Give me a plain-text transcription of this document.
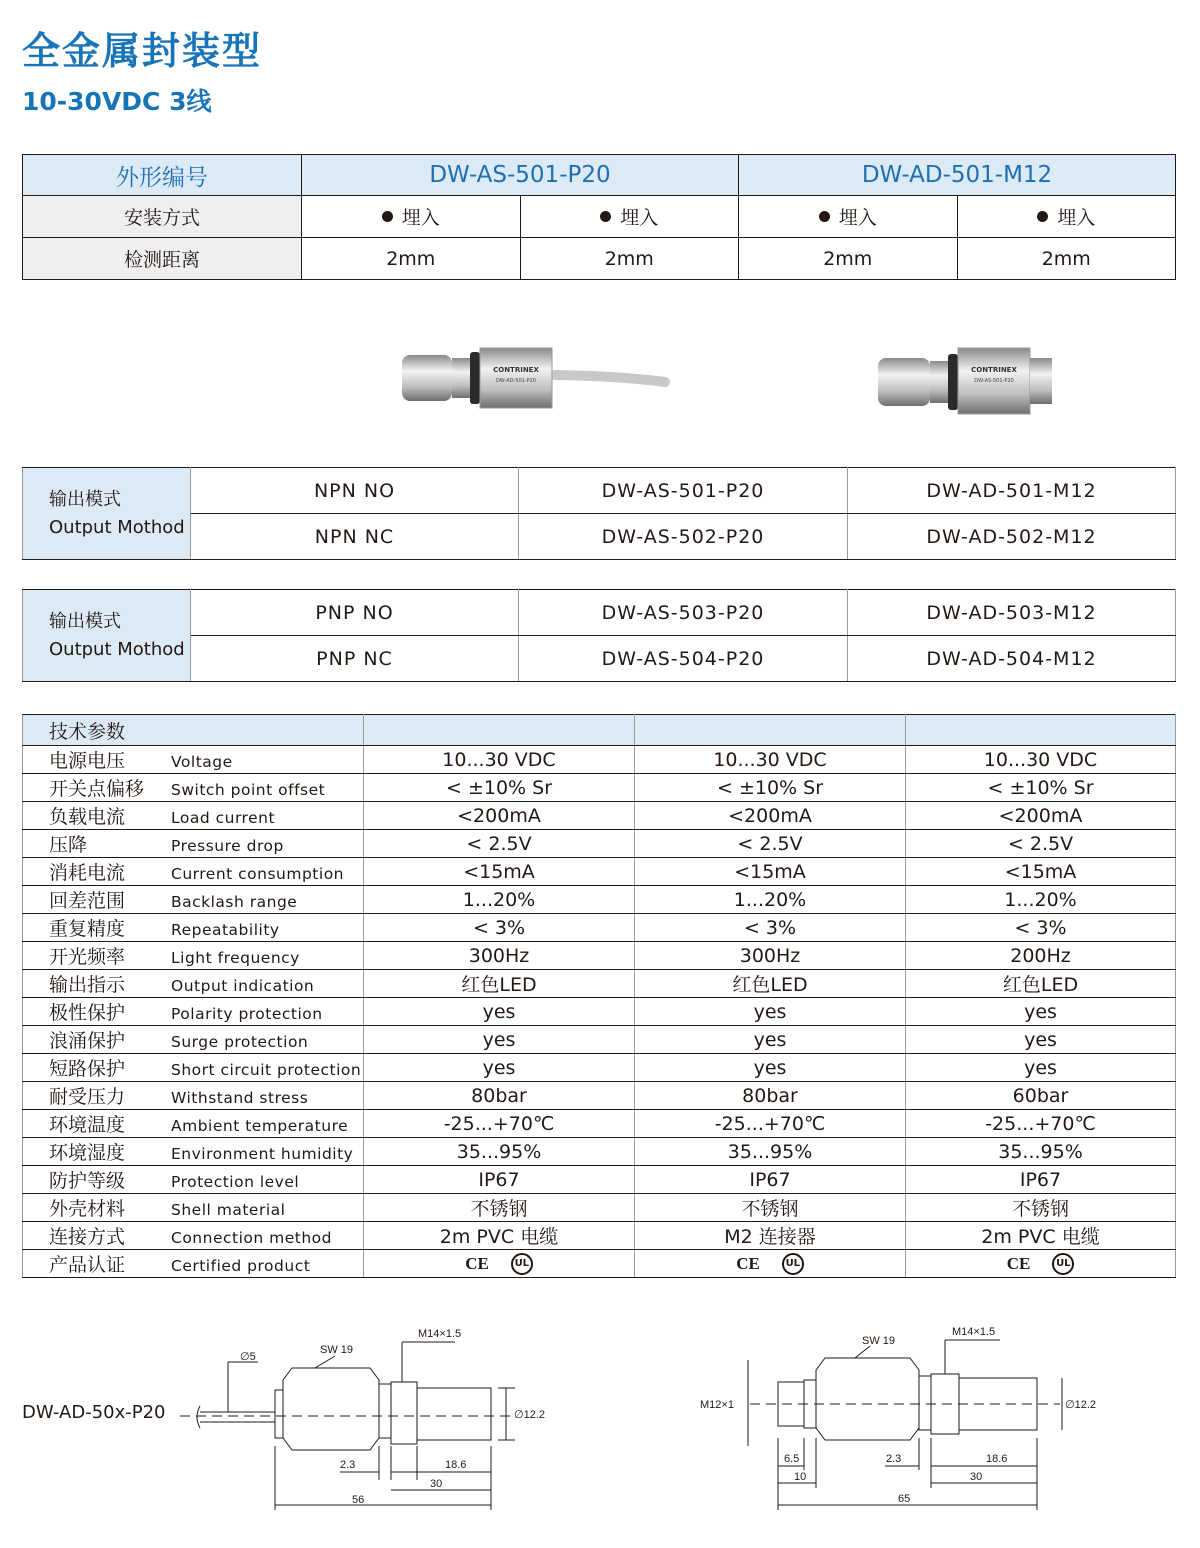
全金属封装型
10-30VDC 3线
外形编号	DW-AS-501-P20		DW-AD-501-M12	
安装方式	埋入	埋入	埋入	埋入
检测距离	2mm	2mm	2mm	2mm
CONTRINEX
DW-AD-501-P20
CONTRINEX
DW-AS-501-P20
输出模式
Output Mothod	NPN NO	DW-AS-501-P20	DW-AD-501-M12
	NPN NC	DW-AS-502-P20	DW-AD-502-M12
输出模式
Output Mothod	PNP NO	DW-AS-503-P20	DW-AD-503-M12
	PNP NC	DW-AS-504-P20	DW-AD-504-M12
技术参数			
电源电压 Voltage	10...30 VDC	10...30 VDC	10...30 VDC
开关点偏移 Switch point offset	< ±10% Sr	< ±10% Sr	< ±10% Sr
负载电流 Load current	<200mA	<200mA	<200mA
压降 Pressure drop	< 2.5V	< 2.5V	< 2.5V
消耗电流 Current consumption	<15mA	<15mA	<15mA
回差范围 Backlash range	1...20%	1...20%	1...20%
重复精度 Repeatability	< 3%	< 3%	< 3%
开光频率 Light frequency	300Hz	300Hz	200Hz
输出指示 Output indication	红色LED	红色LED	红色LED
极性保护 Polarity protection	yes	yes	yes
浪涌保护 Surge protection	yes	yes	yes
短路保护 Short circuit protection	yes	yes	yes
耐受压力 Withstand stress	80bar	80bar	60bar
环境温度 Ambient temperature	-25...+70℃	-25...+70℃	-25...+70℃
环境湿度 Environment humidity	35...95%	35...95%	35...95%
防护等级 Protection level	IP67	IP67	IP67
外壳材料 Shell material	不锈钢	不锈钢	不锈钢
连接方式 Connection method	2m PVC 电缆	M2 连接器	2m PVC 电缆
产品认证 Certified product	CE UL	CE UL	CE UL
DW-AD-50x-P20
∅5
SW 19
M14×1.5
∅12.2
2.3	18.6
30
56
SW 19
M14×1.5
M12×1	∅12.2
6.5
10
2.3	18.6
30
65
